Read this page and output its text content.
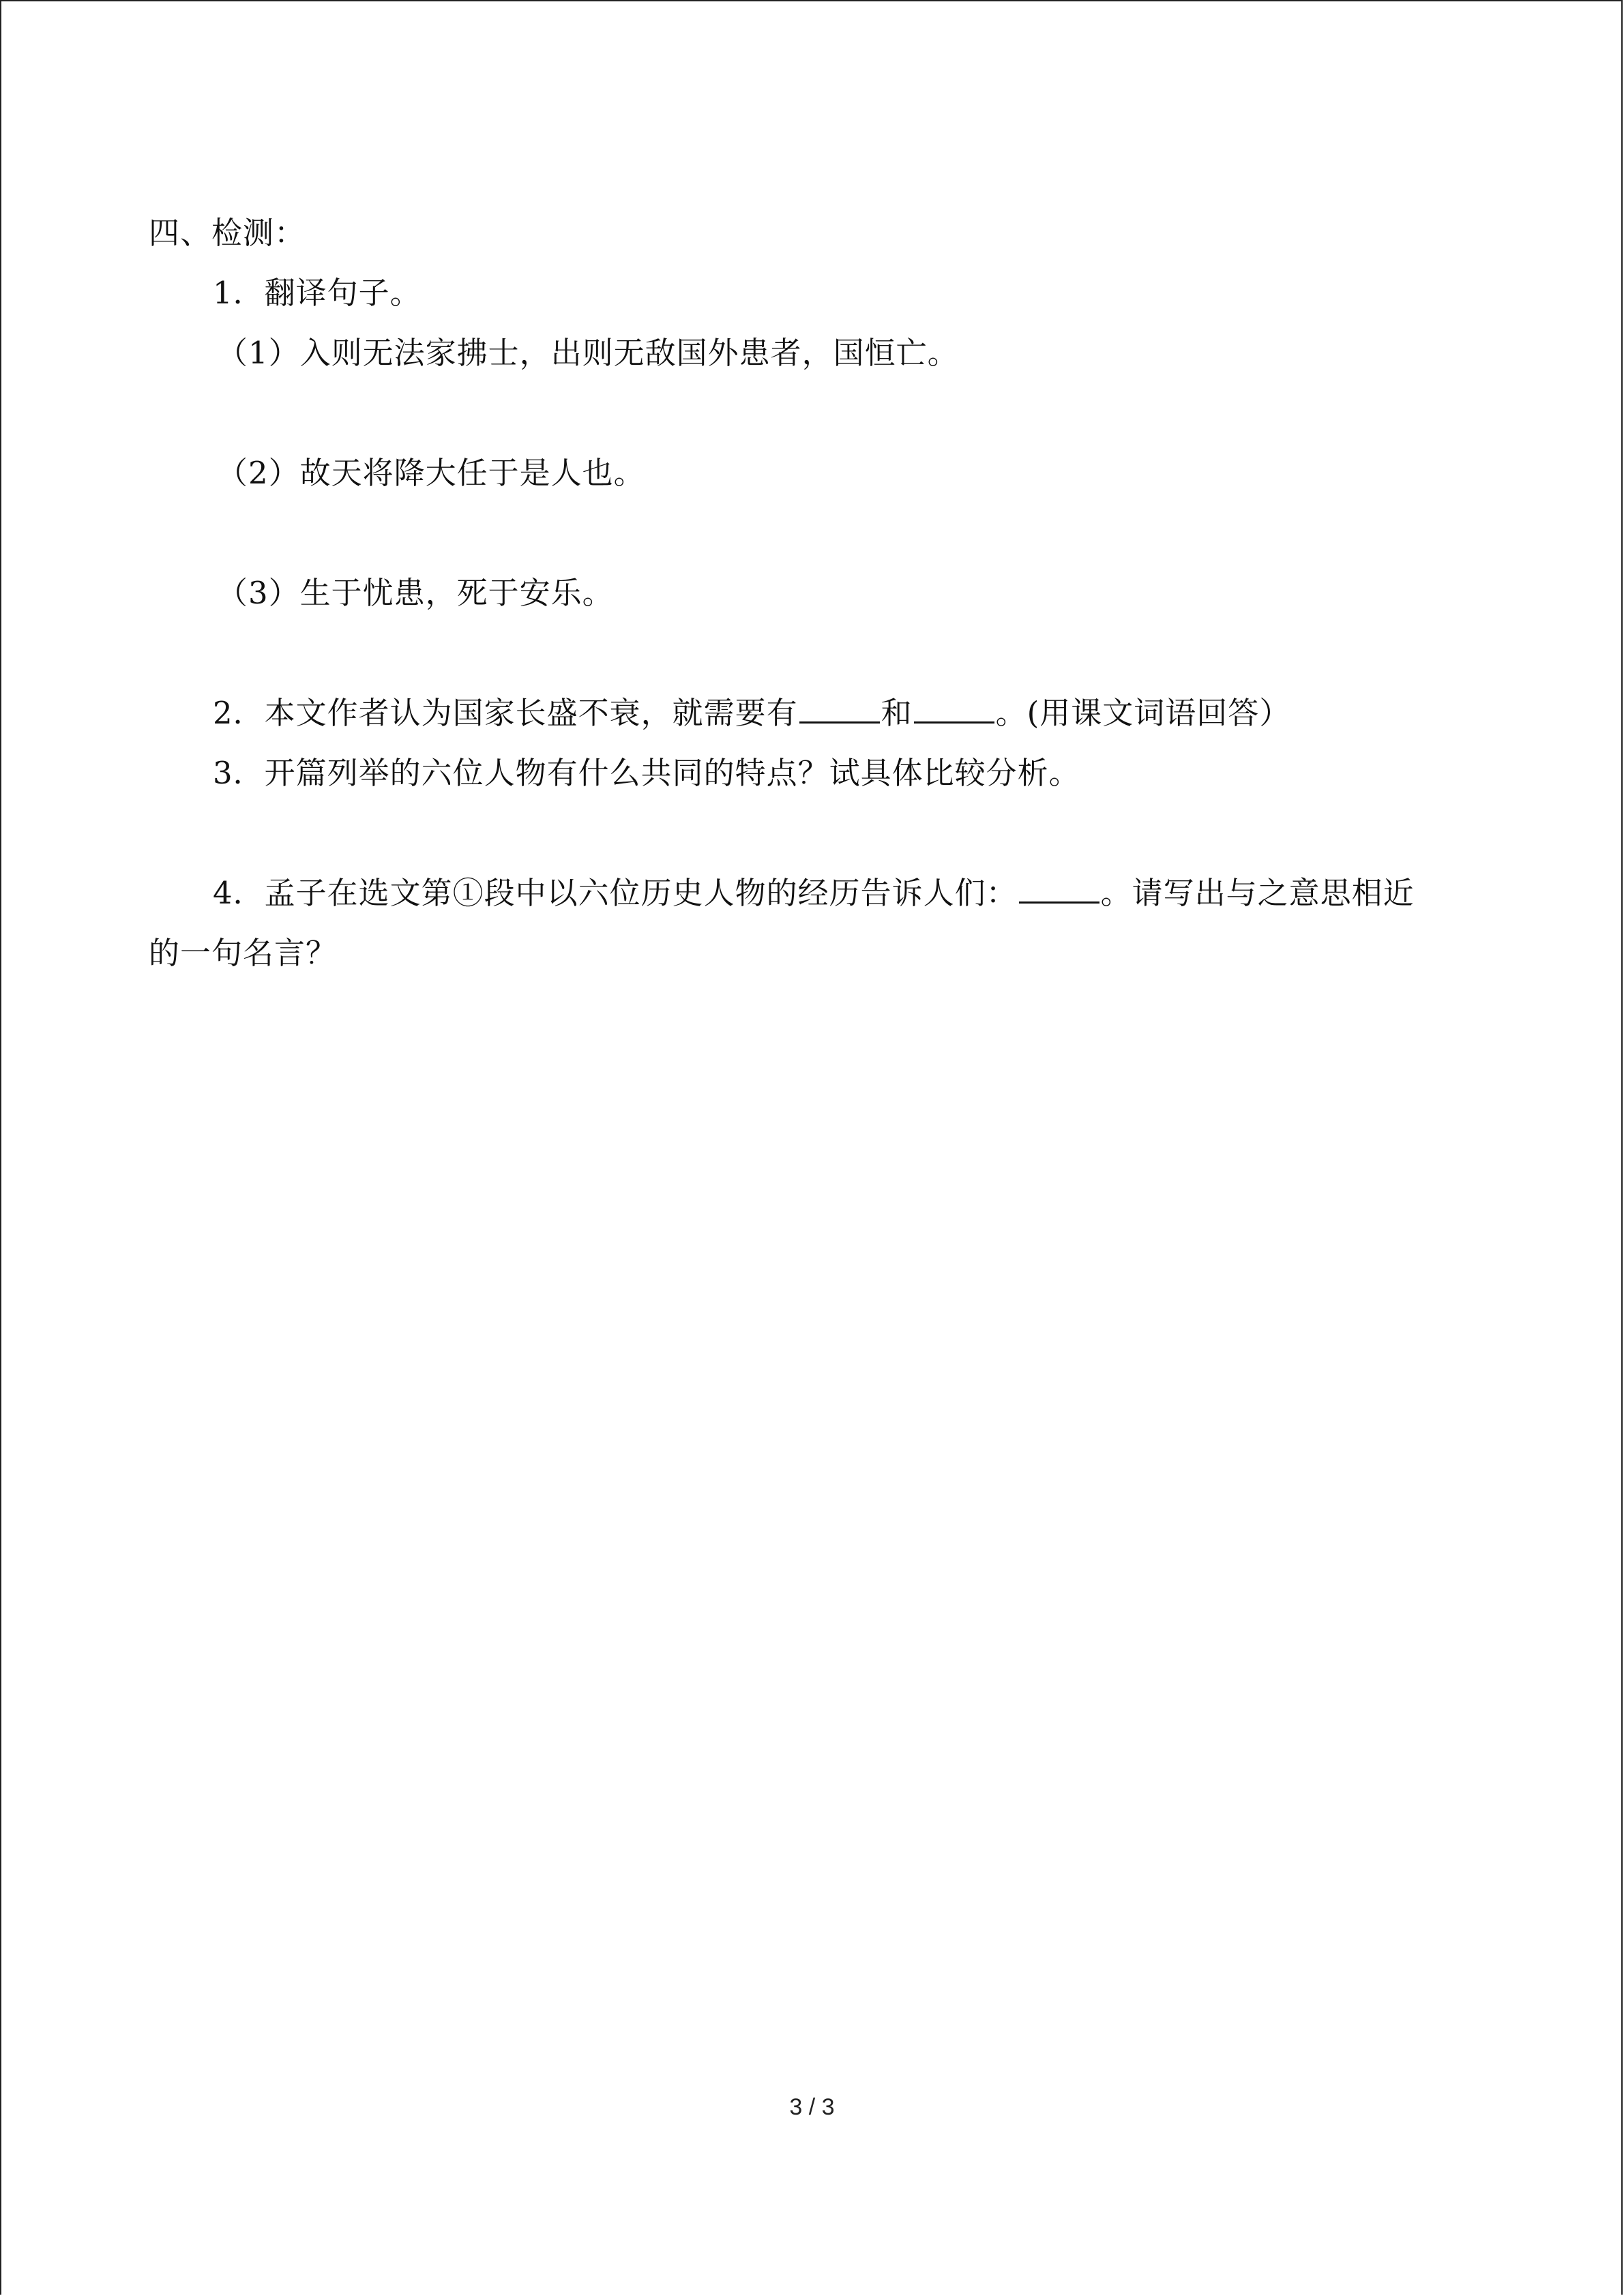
四、检测：
1．翻译句子。
（1）入则无法家拂士，出则无敌国外患者，国恒亡。
（2）故天将降大任于是人也。
（3）生于忧患，死于安乐。
2．本文作者认为国家长盛不衰，就需要有	和	。(用课文词语回答）
3．开篇列举的六位人物有什么共同的特点？试具体比较分析。
4．孟子在选文第①段中以六位历史人物的经历告诉人们：	。请写出与之意思相近
的一句名言？
3 / 3
